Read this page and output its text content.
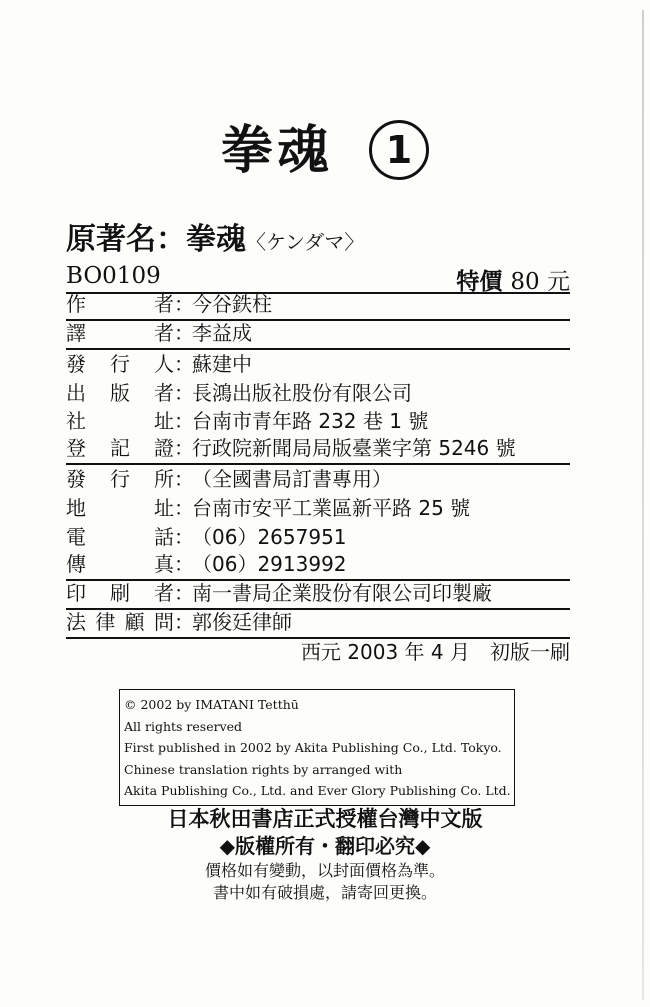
拳魂 1
原著名：拳魂〈ケンダマ〉
BO0109	特價 80 元
作	者 ：
今谷鉄柱
譯	者 ：
李益成
發 行 人 ：
蘇建中
出 版 者 ：
長鴻出版社股份有限公司
社	址 ：
台南市青年路 232 巷 1 號
登 記 證 ：
行政院新聞局局版臺業字第 5246 號
發 行 所 ：
（全國書局訂書專用）
地	址 ：
台南市安平工業區新平路 25 號
電	話 ：
（06）2657951
傳	真 ：
（06）2913992
印 刷 者 ：
南一書局企業股份有限公司印製廠
法 律 顧 問 ：
郭俊廷律師
西元 2003 年 4 月　初版一刷
© 2002 by IMATANI Tetthū
All rights reserved
First published in 2002 by Akita Publishing Co., Ltd. Tokyo.
Chinese translation rights by arranged with
Akita Publishing Co., Ltd. and Ever Glory Publishing Co. Ltd.
日本秋田書店正式授權台灣中文版
◆版權所有・翻印必究◆
價格如有變動，以封面價格為準。
書中如有破損處，請寄回更換。
